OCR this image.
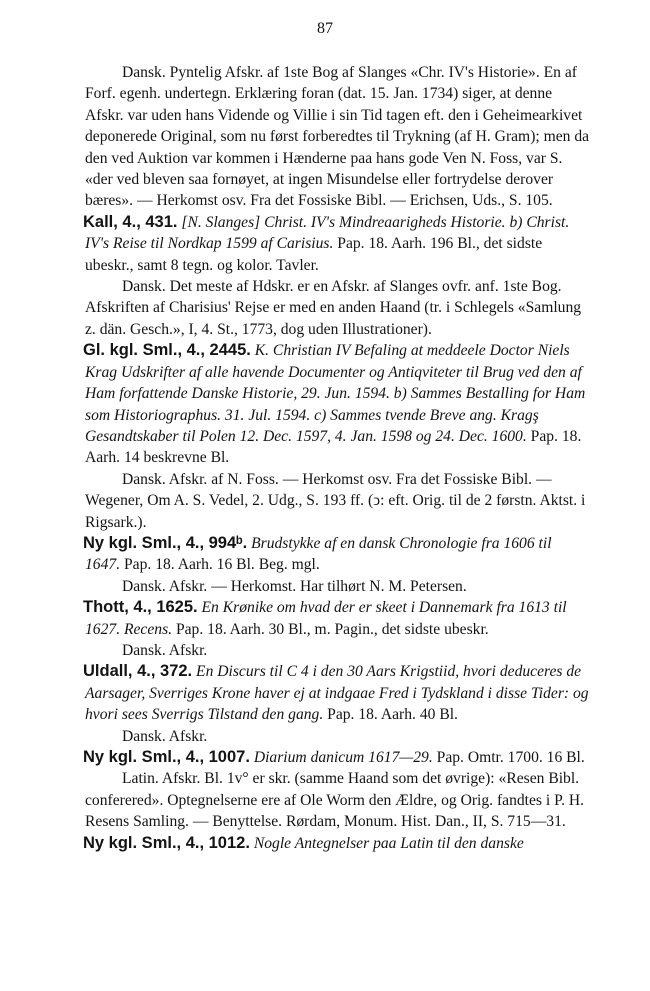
87

Dansk. Pyntelig Afskr. af 1ste Bog af Slanges «Chr. IV's Historie». En af Forf. egenh. undertegn. Erklæring foran (dat. 15. Jan. 1734) siger, at denne Afskr. var uden hans Vidende og Villie i sin Tid tagen eft. den i Geheimearkivet deponerede Original, som nu først forberedtes til Trykning (af H. Gram); men da den ved Auktion var kommen i Hænderne paa hans gode Ven N. Foss, var S. «der ved bleven saa fornøyet, at ingen Misundelse eller fortrydelse derover bæres». — Herkomst osv. Fra det Fossiske Bibl. — Erichsen, Uds., S. 105.

Kall, 4., 431. [N. Slanges] Christ. IV's Mindreaarigheds Historie. b) Christ. IV's Reise til Nordkap 1599 af Carisius. Pap. 18. Aarh. 196 Bl., det sidste ubeskr., samt 8 tegn. og kolor. Tavler.

Dansk. Det meste af Hdskr. er en Afskr. af Slanges ovfr. anf. 1ste Bog. Afskriften af Charisius' Rejse er med en anden Haand (tr. i Schlegels «Samlung z. dän. Gesch.», I, 4. St., 1773, dog uden Illustrationer).

Gl. kgl. Sml., 4., 2445. K. Christian IV Befaling at meddeele Doctor Niels Krag Udskrifter af alle havende Documenter og Antiqviteter til Brug ved den af Ham forfattende Danske Historie, 29. Jun. 1594. b) Sammes Bestalling for Ham som Historiographus. 31. Jul. 1594. c) Sammes tvende Breve ang. Kragş Gesandtskaber til Polen 12. Dec. 1597, 4. Jan. 1598 og 24. Dec. 1600. Pap. 18. Aarh. 14 beskrevne Bl.

Dansk. Afskr. af N. Foss. — Herkomst osv. Fra det Fossiske Bibl. — Wegener, Om A. S. Vedel, 2. Udg., S. 193 ff. (ↄ: eft. Orig. til de 2 førstn. Aktst. i Rigsark.).

Ny kgl. Sml., 4., 994ᵇ. Brudstykke af en dansk Chronologie fra 1606 til 1647. Pap. 18. Aarh. 16 Bl. Beg. mgl.

Dansk. Afskr. — Herkomst. Har tilhørt N. M. Petersen.

Thott, 4., 1625. En Krønike om hvad der er skeet i Dannemark fra 1613 til 1627. Recens. Pap. 18. Aarh. 30 Bl., m. Pagin., det sidste ubeskr.

Dansk. Afskr.

Uldall, 4., 372. En Discurs til C 4 i den 30 Aars Krigstiid, hvori deduceres de Aarsager, Sverriges Krone haver ej at indgaae Fred i Tydskland i disse Tider: og hvori sees Sverrigs Tilstand den gang. Pap. 18. Aarh. 40 Bl.

Dansk. Afskr.

Ny kgl. Sml., 4., 1007. Diarium danicum 1617—29. Pap. Omtr. 1700. 16 Bl.

Latin. Afskr. Bl. 1v° er skr. (samme Haand som det øvrige): «Resen Bibl. conferered». Optegnelserne ere af Ole Worm den Ældre, og Orig. fandtes i P. H. Resens Samling. — Benyttelse. Rørdam, Monum. Hist. Dan., II, S. 715—31.

Ny kgl. Sml., 4., 1012. Nogle Antegnelser paa Latin til den danske
